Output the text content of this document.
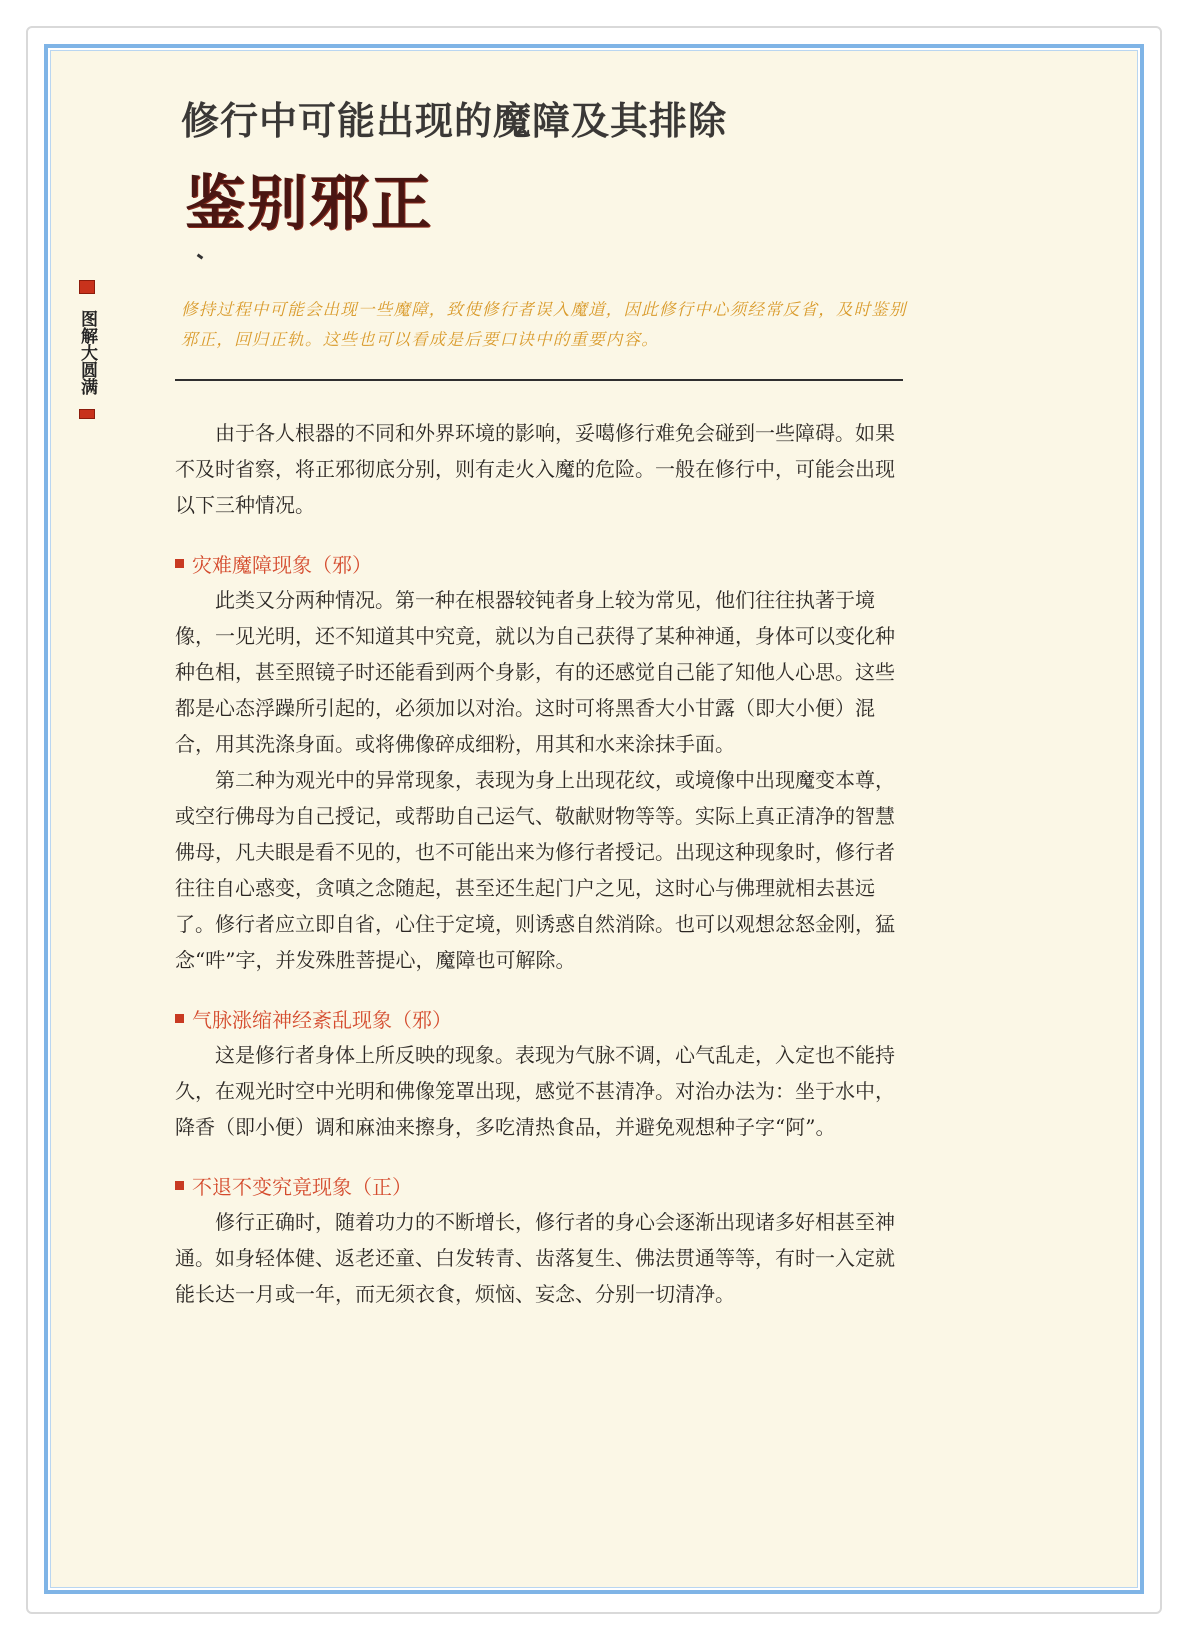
图解大圆满
修行中可能出现的魔障及其排除
鉴别邪正
修持过程中可能会出现一些魔障，致使修行者误入魔道，因此修行中心须经常反省，及时鉴别邪正，回归正轨。这些也可以看成是后要口诀中的重要内容。

由于各人根器的不同和外界环境的影响，妥噶修行难免会碰到一些障碍。如果不及时省察，将正邪彻底分别，则有走火入魔的危险。一般在修行中，可能会出现以下三种情况。

灾难魔障现象（邪）

此类又分两种情况。第一种在根器较钝者身上较为常见，他们往往执著于境像，一见光明，还不知道其中究竟，就以为自己获得了某种神通，身体可以变化种种色相，甚至照镜子时还能看到两个身影，有的还感觉自己能了知他人心思。这些都是心态浮躁所引起的，必须加以对治。这时可将黑香大小甘露（即大小便）混合，用其洗涤身面。或将佛像碎成细粉，用其和水来涂抹手面。

第二种为观光中的异常现象，表现为身上出现花纹，或境像中出现魔变本尊，或空行佛母为自己授记，或帮助自己运气、敬献财物等等。实际上真正清净的智慧佛母，凡夫眼是看不见的，也不可能出来为修行者授记。出现这种现象时，修行者往往自心惑变，贪嗔之念随起，甚至还生起门户之见，这时心与佛理就相去甚远了。修行者应立即自省，心住于定境，则诱惑自然消除。也可以观想忿怒金刚，猛念“吽”字，并发殊胜菩提心，魔障也可解除。

气脉涨缩神经紊乱现象（邪）

这是修行者身体上所反映的现象。表现为气脉不调，心气乱走，入定也不能持久，在观光时空中光明和佛像笼罩出现，感觉不甚清净。对治办法为：坐于水中，降香（即小便）调和麻油来擦身，多吃清热食品，并避免观想种子字“阿”。

不退不变究竟现象（正）

修行正确时，随着功力的不断增长，修行者的身心会逐渐出现诸多好相甚至神通。如身轻体健、返老还童、白发转青、齿落复生、佛法贯通等等，有时一入定就能长达一月或一年，而无须衣食，烦恼、妄念、分别一切清净。
